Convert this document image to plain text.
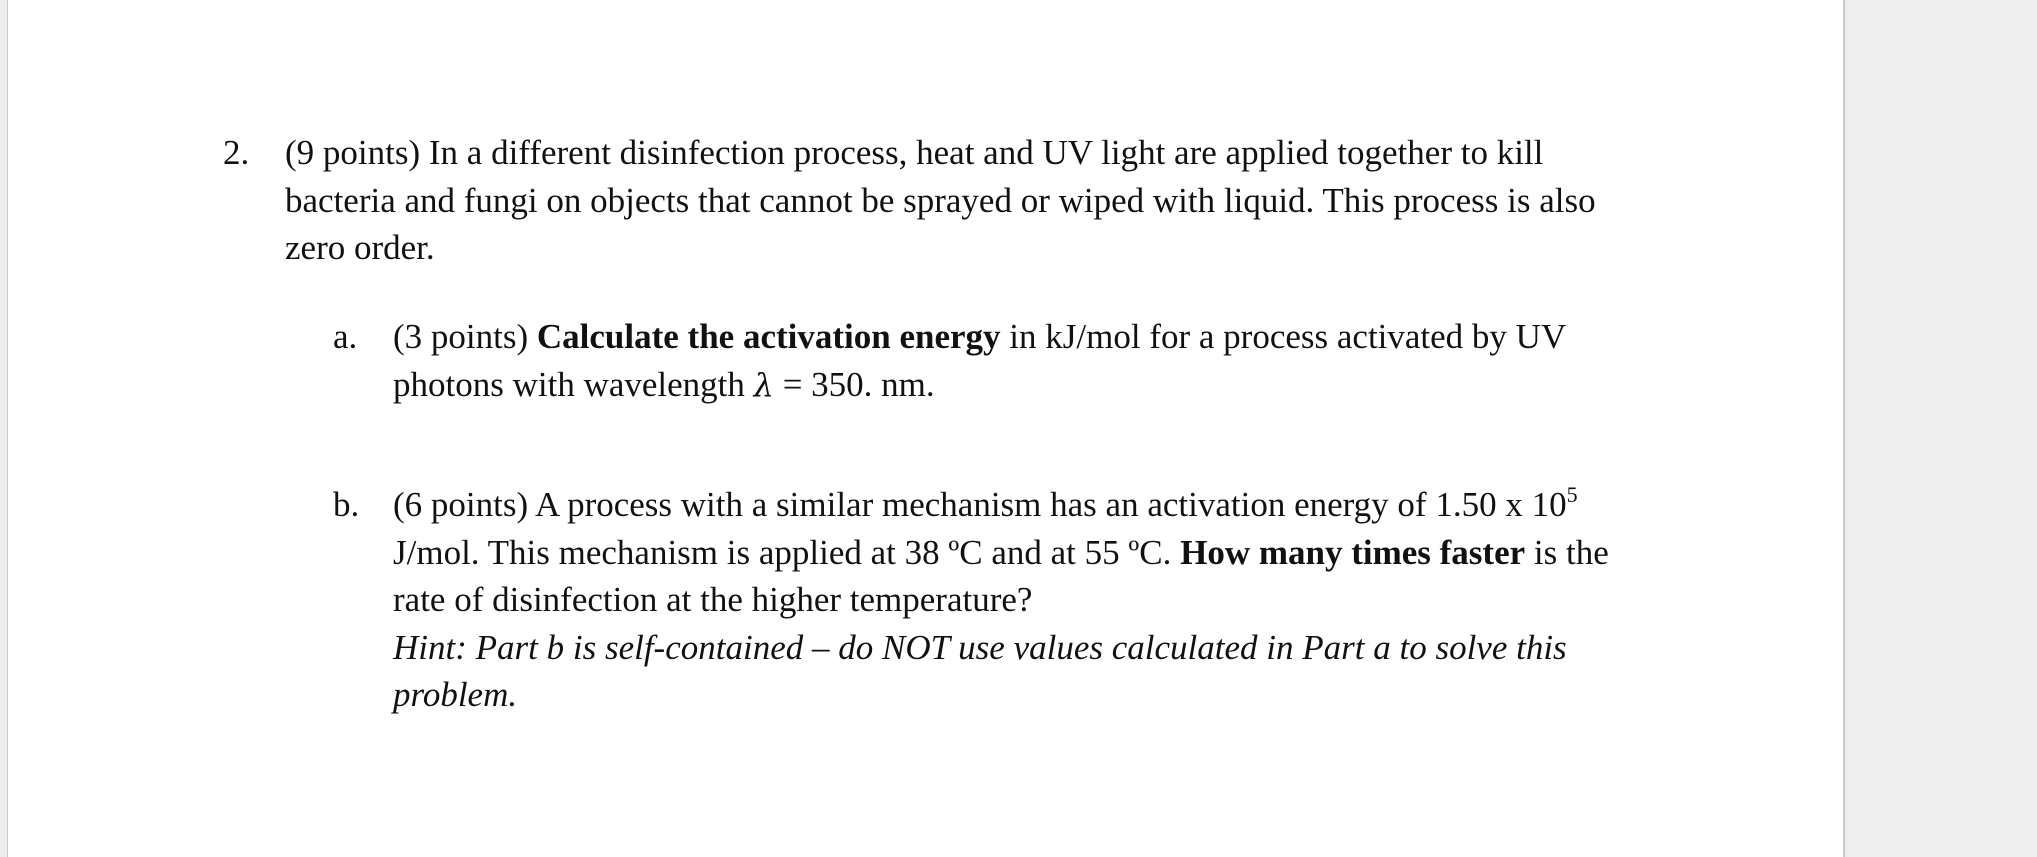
2.	(9 points) In a different disinfection process, heat and UV light are applied together to kill bacteria and fungi on objects that cannot be sprayed or wiped with liquid. This process is also zero order.
a.	(3 points) Calculate the activation energy in kJ/mol for a process activated by UV photons with wavelength λ = 350. nm.
b. (6 points) A process with a similar mechanism has an activation energy of 1.50 x $10^5$ J/mol. This mechanism is applied at 38 ºC and at 55 ºC. How many times faster is the rate of disinfection at the higher temperature?
Hint: Part b is self-contained – do NOT use values calculated in Part a to solve this problem.
